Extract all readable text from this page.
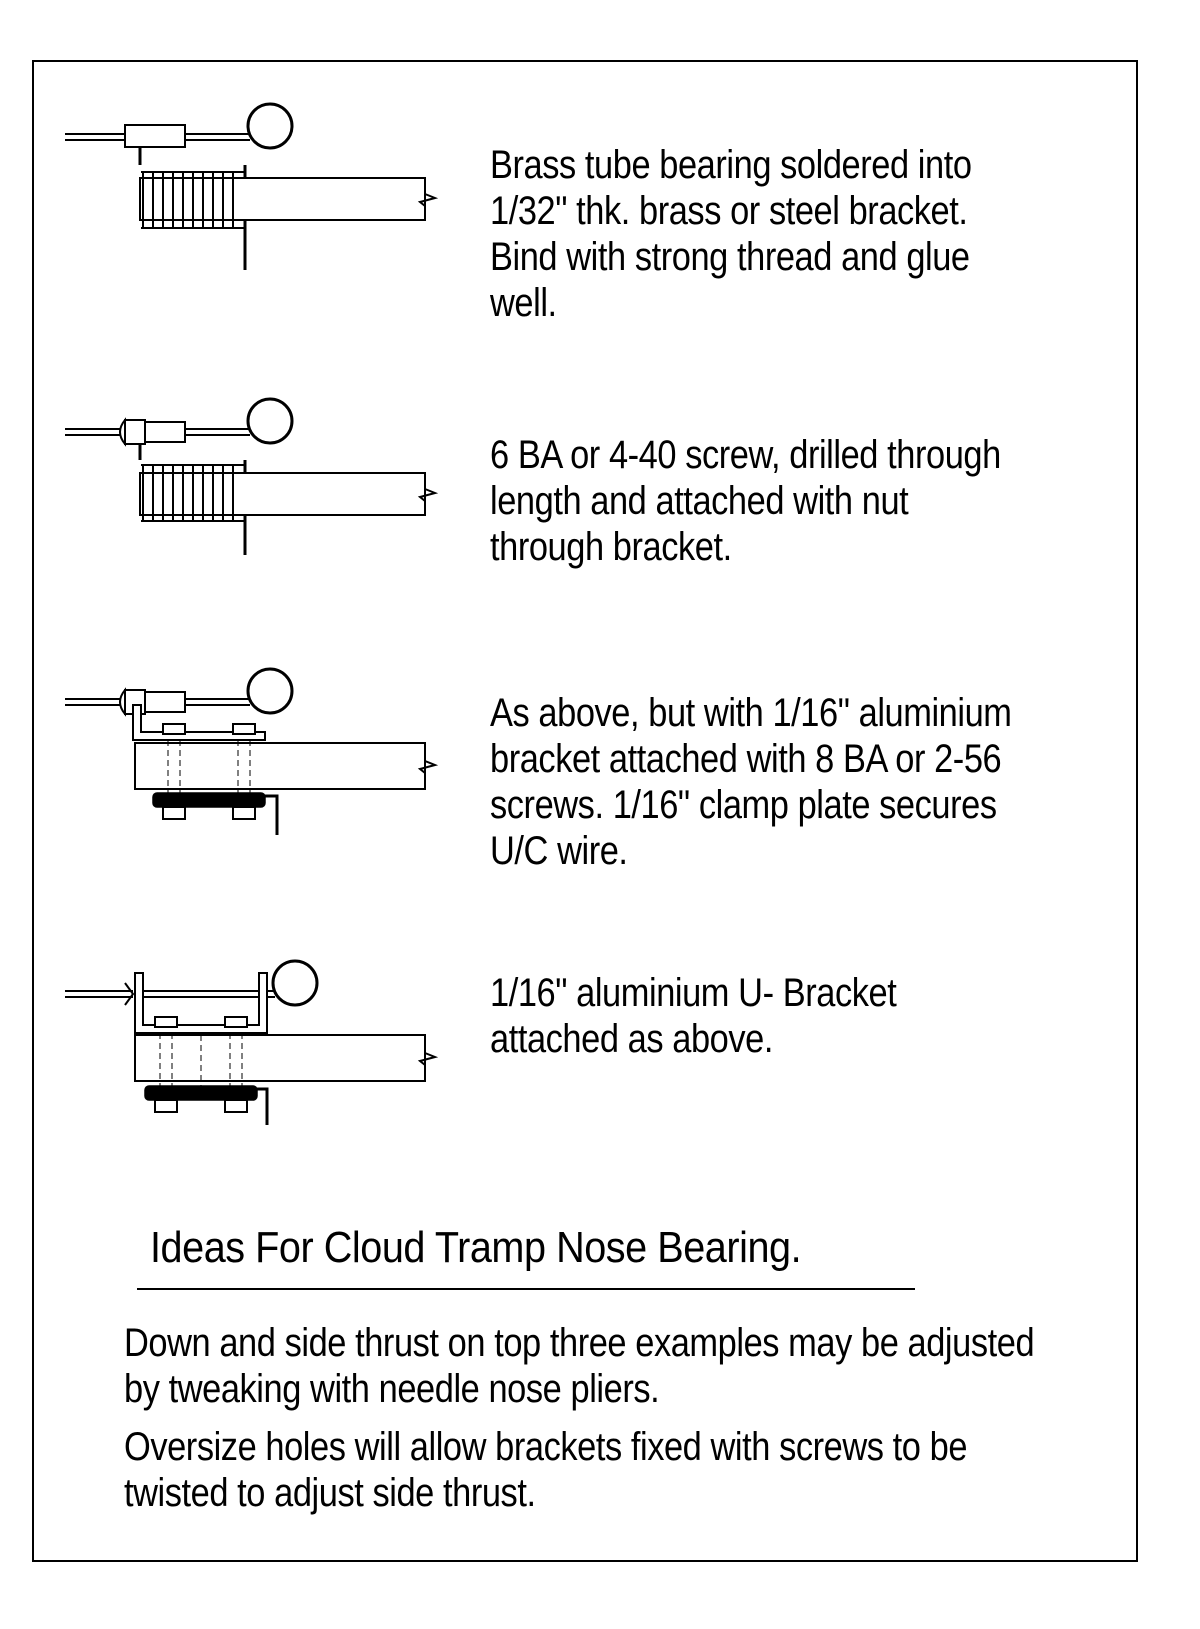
Brass tube bearing soldered into 1/32" thk. brass or steel bracket. Bind with strong thread and glue well.
6 BA or 4-40 screw, drilled through length and attached with nut through bracket.
As above, but with 1/16" aluminium bracket attached with 8 BA or 2-56 screws. 1/16" clamp plate secures U/C wire.
1/16" aluminium U- Bracket attached as above.
Ideas For Cloud Tramp Nose Bearing.

Down and side thrust on top three examples may be adjusted by tweaking with needle nose pliers.

Oversize holes will allow brackets fixed with screws to be twisted to adjust side thrust.
